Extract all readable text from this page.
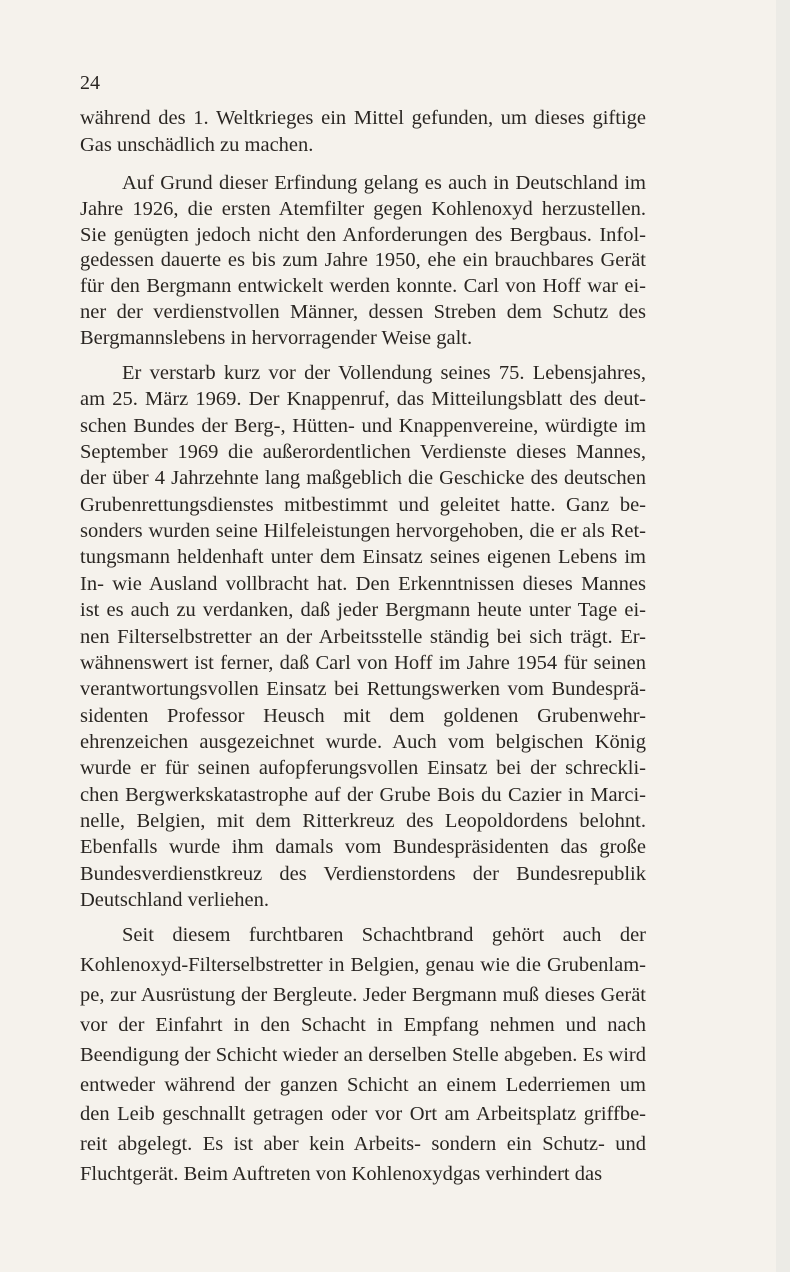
24
während des 1. Weltkrieges ein Mittel gefunden, um dieses giftige
Gas unschädlich zu machen.
Auf Grund dieser Erfindung gelang es auch in Deutschland im
Jahre 1926, die ersten Atemfilter gegen Kohlenoxyd herzustellen.
Sie genügten jedoch nicht den Anforderungen des Bergbaus. Infol-
gedessen dauerte es bis zum Jahre 1950, ehe ein brauchbares Gerät
für den Bergmann entwickelt werden konnte. Carl von Hoff war ei-
ner der verdienstvollen Männer, dessen Streben dem Schutz des
Bergmannslebens in hervorragender Weise galt.
Er verstarb kurz vor der Vollendung seines 75. Lebensjahres,
am 25. März 1969. Der Knappenruf, das Mitteilungsblatt des deut-
schen Bundes der Berg-, Hütten- und Knappenvereine, würdigte im
September 1969 die außerordentlichen Verdienste dieses Mannes,
der über 4 Jahrzehnte lang maßgeblich die Geschicke des deutschen
Grubenrettungsdienstes mitbestimmt und geleitet hatte. Ganz be-
sonders wurden seine Hilfeleistungen hervorgehoben, die er als Ret-
tungsmann heldenhaft unter dem Einsatz seines eigenen Lebens im
In- wie Ausland vollbracht hat. Den Erkenntnissen dieses Mannes
ist es auch zu verdanken, daß jeder Bergmann heute unter Tage ei-
nen Filterselbstretter an der Arbeitsstelle ständig bei sich trägt. Er-
wähnenswert ist ferner, daß Carl von Hoff im Jahre 1954 für seinen
verantwortungsvollen Einsatz bei Rettungswerken vom Bundesprä-
sidenten Professor Heusch mit dem goldenen Grubenwehr-
ehrenzeichen ausgezeichnet wurde. Auch vom belgischen König
wurde er für seinen aufopferungsvollen Einsatz bei der schreckli-
chen Bergwerkskatastrophe auf der Grube Bois du Cazier in Marci-
nelle, Belgien, mit dem Ritterkreuz des Leopoldordens belohnt.
Ebenfalls wurde ihm damals vom Bundespräsidenten das große
Bundesverdienstkreuz des Verdienstordens der Bundesrepublik
Deutschland verliehen.
Seit diesem furchtbaren Schachtbrand gehört auch der
Kohlenoxyd-Filterselbstretter in Belgien, genau wie die Grubenlam-
pe, zur Ausrüstung der Bergleute. Jeder Bergmann muß dieses Gerät
vor der Einfahrt in den Schacht in Empfang nehmen und nach
Beendigung der Schicht wieder an derselben Stelle abgeben. Es wird
entweder während der ganzen Schicht an einem Lederriemen um
den Leib geschnallt getragen oder vor Ort am Arbeitsplatz griffbe-
reit abgelegt. Es ist aber kein Arbeits- sondern ein Schutz- und
Fluchtgerät. Beim Auftreten von Kohlenoxydgas verhindert das
